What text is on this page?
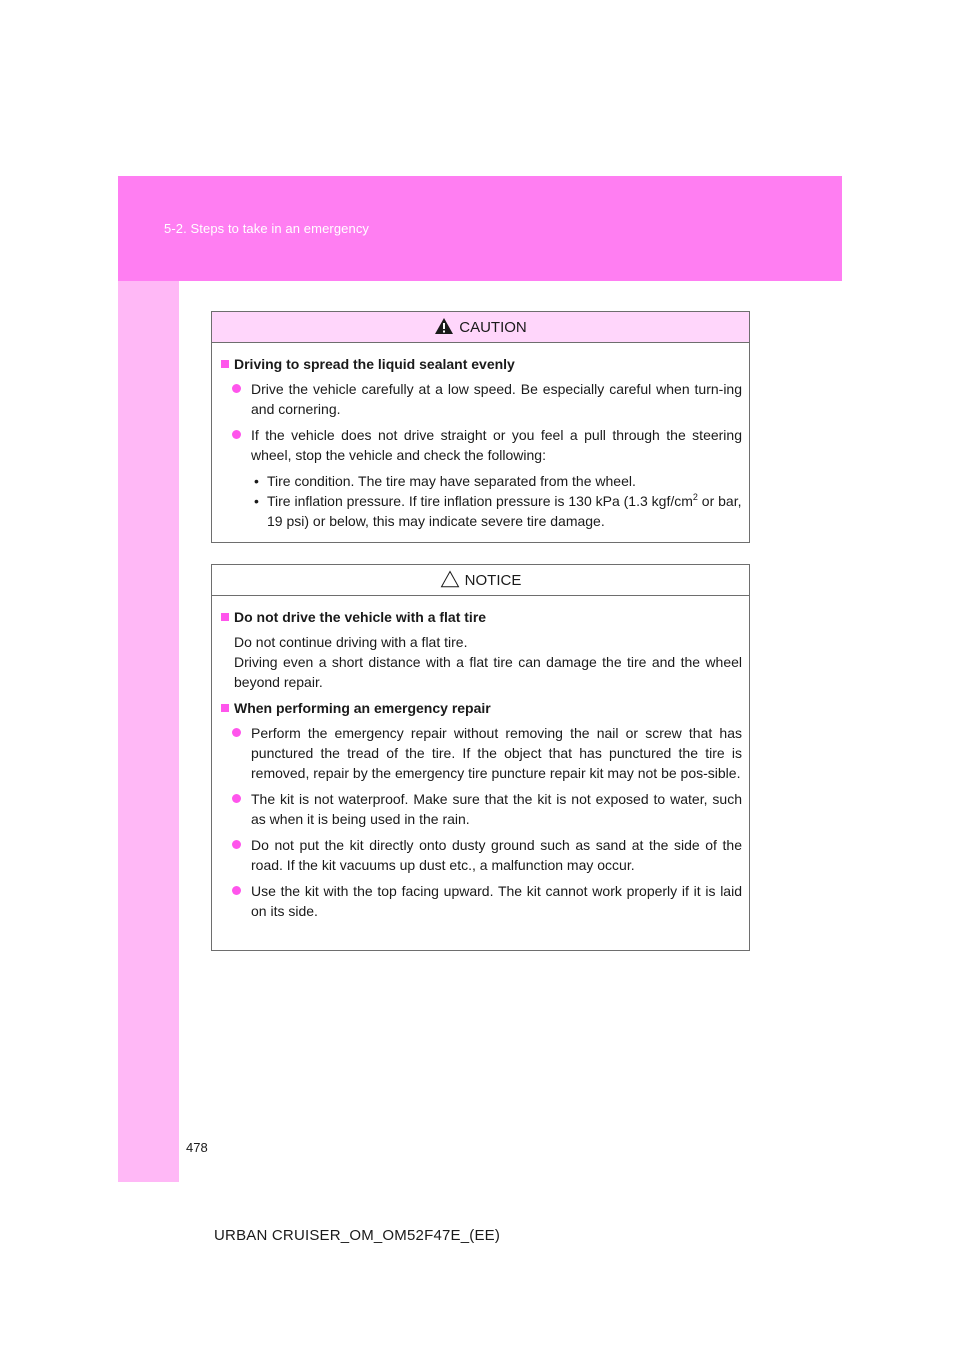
5-2. Steps to take in an emergency
CAUTION
Driving to spread the liquid sealant evenly
Drive the vehicle carefully at a low speed. Be especially careful when turn-ing and cornering.
If the vehicle does not drive straight or you feel a pull through the steering wheel, stop the vehicle and check the following:
• Tire condition. The tire may have separated from the wheel.
• Tire inflation pressure. If tire inflation pressure is 130 kPa (1.3 kgf/$cm^2$ or bar, 19 psi) or below, this may indicate severe tire damage.
NOTICE
Do not drive the vehicle with a flat tire
Do not continue driving with a flat tire.
Driving even a short distance with a flat tire can damage the tire and the wheel beyond repair.
When performing an emergency repair
Perform the emergency repair without removing the nail or screw that has punctured the tread of the tire. If the object that has punctured the tire is removed, repair by the emergency tire puncture repair kit may not be pos-sible.
The kit is not waterproof. Make sure that the kit is not exposed to water, such as when it is being used in the rain.
Do not put the kit directly onto dusty ground such as sand at the side of the road. If the kit vacuums up dust etc., a malfunction may occur.
Use the kit with the top facing upward. The kit cannot work properly if it is laid on its side.
478
URBAN CRUISER_OM_OM52F47E_(EE)
